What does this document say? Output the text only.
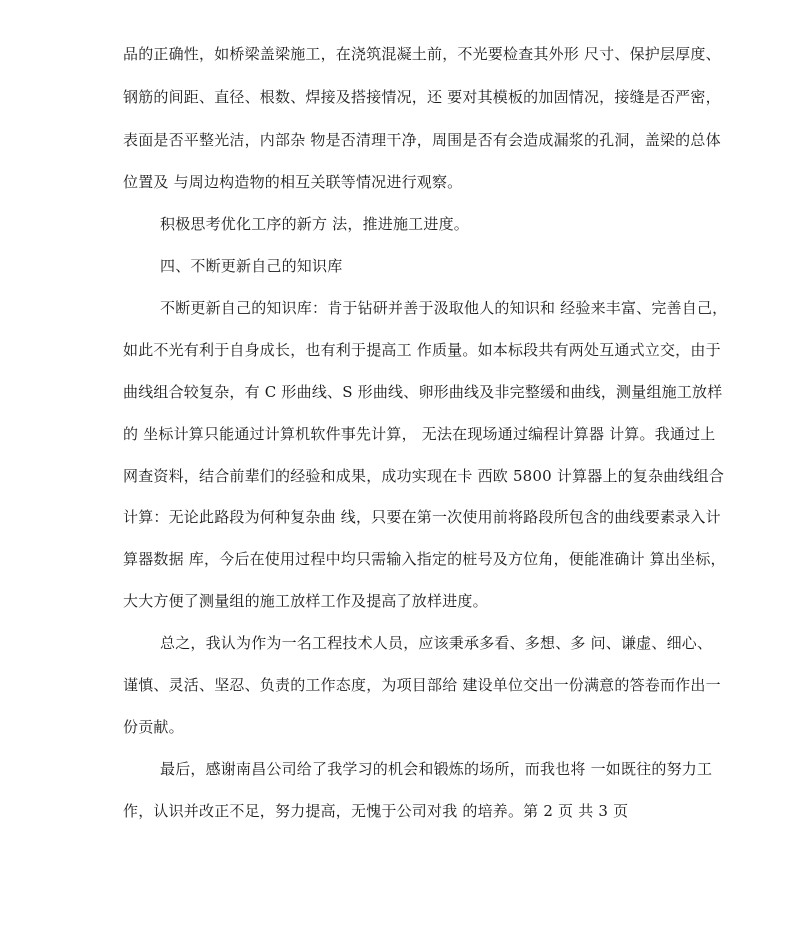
品的正确性，如桥梁盖梁施工，在浇筑混凝土前，不光要检查其外形 尺寸、保护层厚度、
钢筋的间距、直径、根数、焊接及搭接情况，还 要对其模板的加固情况，接缝是否严密，
表面是否平整光洁，内部杂 物是否清理干净，周围是否有会造成漏浆的孔洞，盖梁的总体
位置及 与周边构造物的相互关联等情况进行观察。
积极思考优化工序的新方 法，推进施工进度。
四、不断更新自己的知识库
不断更新自己的知识库：肯于钻研并善于汲取他人的知识和 经验来丰富、完善自己，
如此不光有利于自身成长，也有利于提高工 作质量。如本标段共有两处互通式立交，由于
曲线组合较复杂，有 C 形曲线、S 形曲线、卵形曲线及非完整缓和曲线，测量组施工放样
的 坐标计算只能通过计算机软件事先计算， 无法在现场通过编程计算器 计算。我通过上
网查资料，结合前辈们的经验和成果，成功实现在卡 西欧 5800 计算器上的复杂曲线组合
计算：无论此路段为何种复杂曲 线，只要在第一次使用前将路段所包含的曲线要素录入计
算器数据 库，今后在使用过程中均只需输入指定的桩号及方位角，便能准确计 算出坐标，
大大方便了测量组的施工放样工作及提高了放样进度。
总之，我认为作为一名工程技术人员，应该秉承多看、多想、多 问、谦虚、细心、
谨慎、灵活、坚忍、负责的工作态度，为项目部给 建设单位交出一份满意的答卷而作出一
份贡献。
最后，感谢南昌公司给了我学习的机会和锻炼的场所，而我也将 一如既往的努力工
作，认识并改正不足，努力提高，无愧于公司对我 的培养。第 2 页 共 3 页
